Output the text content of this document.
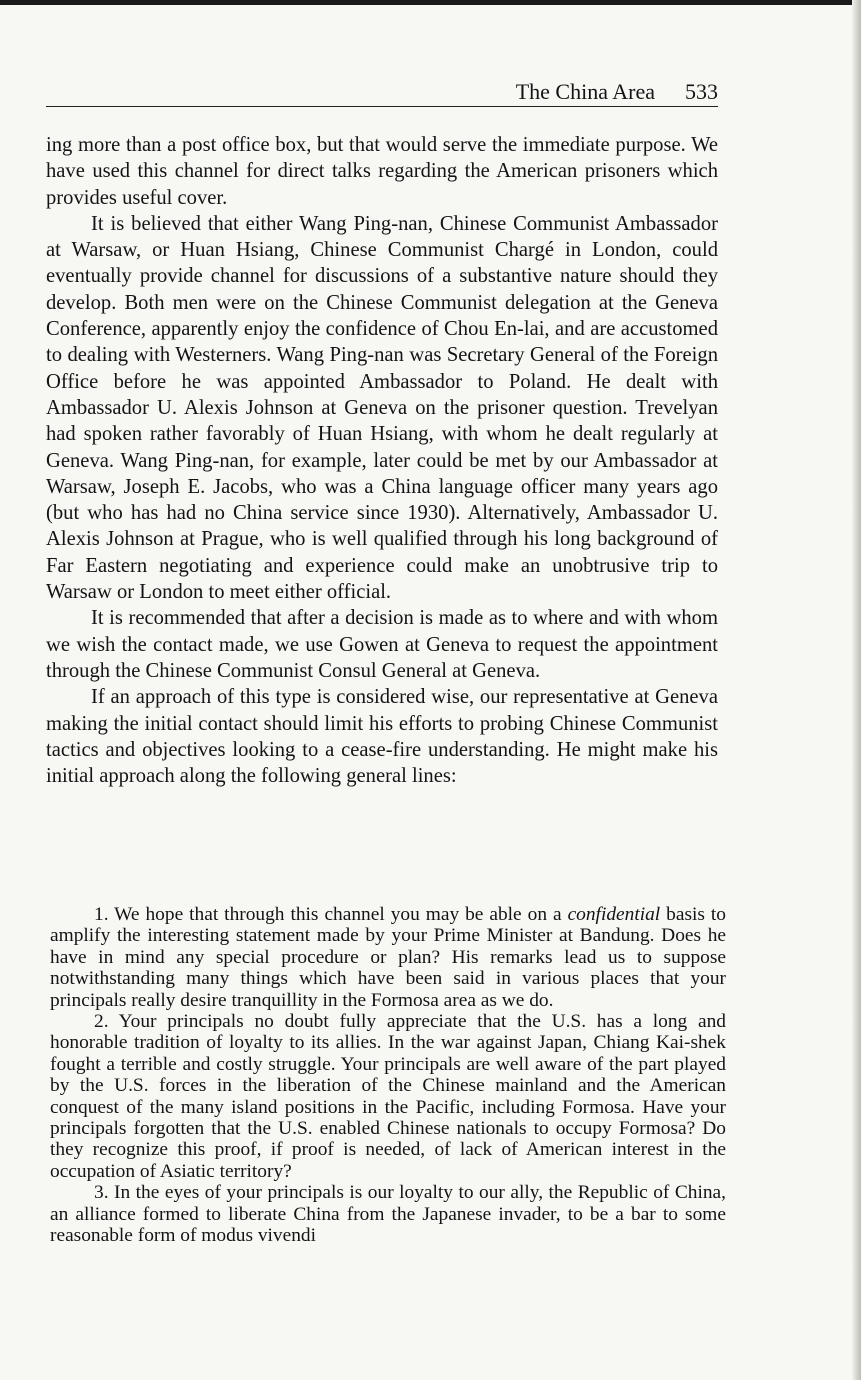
The China Area 533

ing more than a post office box, but that would serve the immediate purpose. We have used this channel for direct talks regarding the American prisoners which provides useful cover.

It is believed that either Wang Ping-nan, Chinese Communist Ambassador at Warsaw, or Huan Hsiang, Chinese Communist Chargé in London, could eventually provide channel for discussions of a substantive nature should they develop. Both men were on the Chinese Communist delegation at the Geneva Conference, apparently enjoy the confidence of Chou En-lai, and are accustomed to dealing with Westerners. Wang Ping-nan was Secretary General of the Foreign Office before he was appointed Ambassador to Poland. He dealt with Ambassador U. Alexis Johnson at Geneva on the prisoner question. Trevelyan had spoken rather favorably of Huan Hsiang, with whom he dealt regularly at Geneva. Wang Ping-nan, for example, later could be met by our Ambassador at Warsaw, Joseph E. Jacobs, who was a China language officer many years ago (but who has had no China service since 1930). Alternatively, Ambassador U. Alexis Johnson at Prague, who is well qualified through his long background of Far Eastern negotiating and experience could make an unobtrusive trip to Warsaw or London to meet either official.

It is recommended that after a decision is made as to where and with whom we wish the contact made, we use Gowen at Geneva to request the appointment through the Chinese Communist Consul General at Geneva.

If an approach of this type is considered wise, our representative at Geneva making the initial contact should limit his efforts to probing Chinese Communist tactics and objectives looking to a cease-fire understanding. He might make his initial approach along the following general lines:

1. We hope that through this channel you may be able on a confidential basis to amplify the interesting statement made by your Prime Minister at Bandung. Does he have in mind any special procedure or plan? His remarks lead us to suppose notwithstanding many things which have been said in various places that your principals really desire tranquillity in the Formosa area as we do.

2. Your principals no doubt fully appreciate that the U.S. has a long and honorable tradition of loyalty to its allies. In the war against Japan, Chiang Kai-shek fought a terrible and costly struggle. Your principals are well aware of the part played by the U.S. forces in the liberation of the Chinese mainland and the American conquest of the many island positions in the Pacific, including Formosa. Have your principals forgotten that the U.S. enabled Chinese nationals to occupy Formosa? Do they recognize this proof, if proof is needed, of lack of American interest in the occupation of Asiatic territory?

3. In the eyes of your principals is our loyalty to our ally, the Republic of China, an alliance formed to liberate China from the Japanese invader, to be a bar to some reasonable form of modus vivendi
